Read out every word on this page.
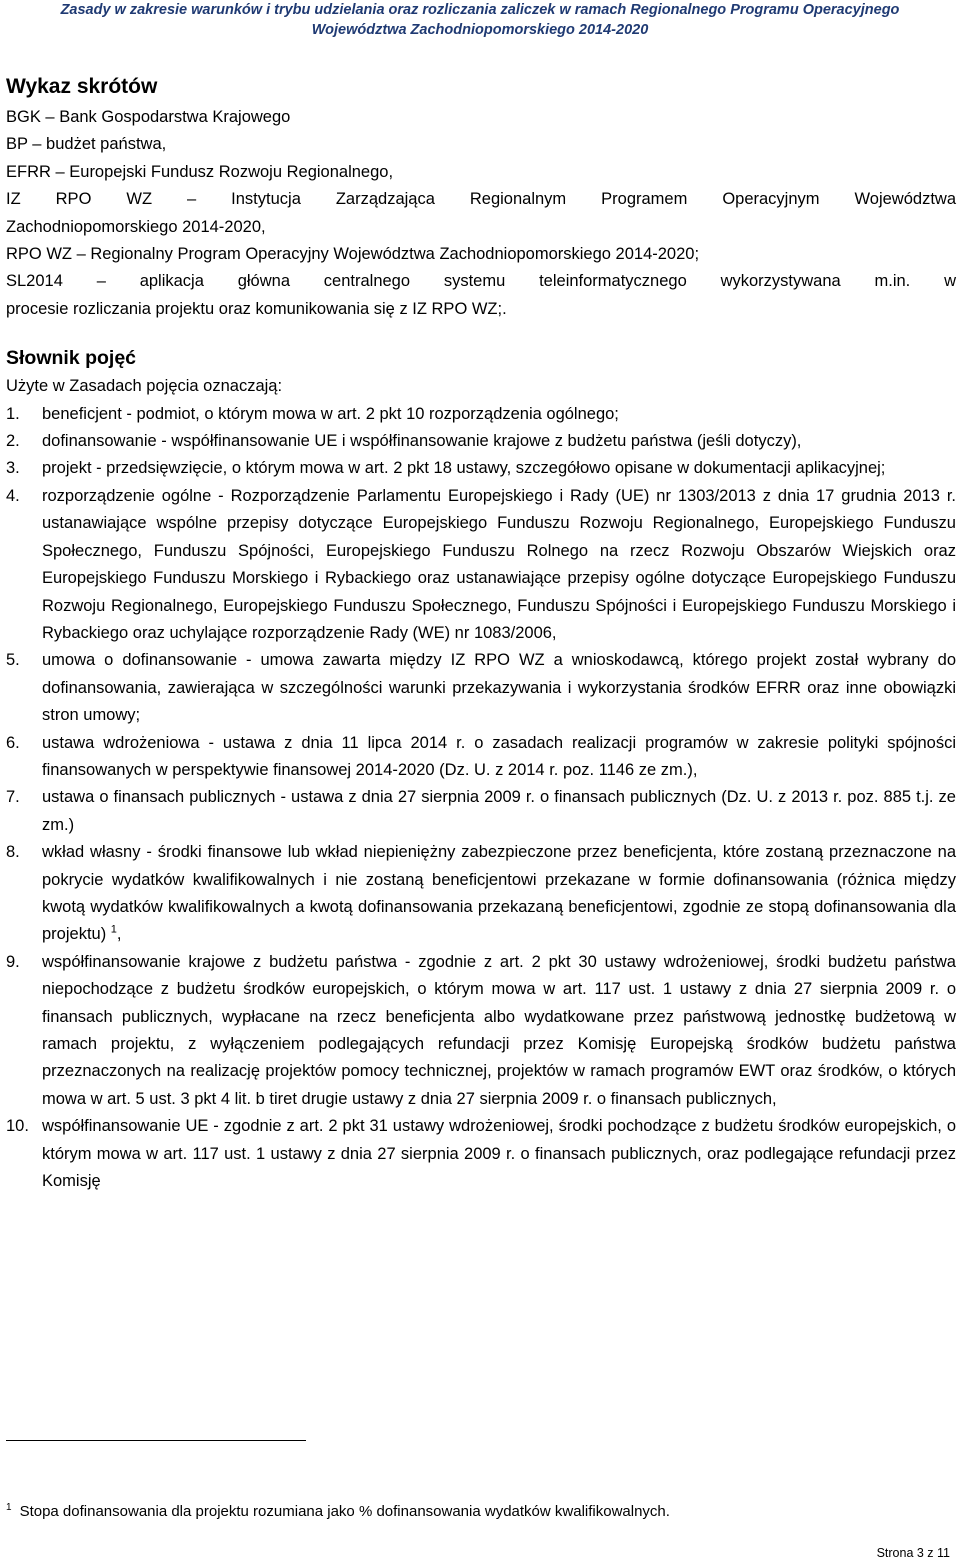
Zasady w zakresie warunków i trybu udzielania oraz rozliczania zaliczek w ramach Regionalnego Programu Operacyjnego
Województwa Zachodniopomorskiego 2014-2020
Wykaz skrótów

BGK – Bank Gospodarstwa Krajowego

BP – budżet państwa,

EFRR – Europejski Fundusz Rozwoju Regionalnego,

IZ RPO WZ – Instytucja Zarządzająca Regionalnym Programem Operacyjnym Województwa

Zachodniopomorskiego 2014-2020,

RPO WZ – Regionalny Program Operacyjny Województwa Zachodniopomorskiego 2014-2020;

SL2014 – aplikacja główna centralnego systemu teleinformatycznego wykorzystywana m.in. w

procesie rozliczania projektu oraz komunikowania się z IZ RPO WZ;.

Słownik pojęć

Użyte w Zasadach pojęcia oznaczają:

1.	beneficjent - podmiot, o którym mowa w art. 2 pkt 10 rozporządzenia ogólnego;
2.	dofinansowanie - współfinansowanie UE i współfinansowanie krajowe z budżetu państwa (jeśli dotyczy),
3.	projekt - przedsięwzięcie, o którym mowa w art. 2 pkt 18 ustawy, szczegółowo opisane w dokumentacji aplikacyjnej;
4.	rozporządzenie ogólne - Rozporządzenie Parlamentu Europejskiego i Rady (UE) nr 1303/2013 z dnia 17 grudnia 2013 r. ustanawiające wspólne przepisy dotyczące Europejskiego Funduszu Rozwoju Regionalnego, Europejskiego Funduszu Społecznego, Funduszu Spójności, Europejskiego Funduszu Rolnego na rzecz Rozwoju Obszarów Wiejskich oraz Europejskiego Funduszu Morskiego i Rybackiego oraz ustanawiające przepisy ogólne dotyczące Europejskiego Funduszu Rozwoju Regionalnego, Europejskiego Funduszu Społecznego, Funduszu Spójności i Europejskiego Funduszu Morskiego i Rybackiego oraz uchylające rozporządzenie Rady (WE) nr 1083/2006,
5.	umowa o dofinansowanie - umowa zawarta między IZ RPO WZ a wnioskodawcą, którego projekt został wybrany do dofinansowania, zawierająca w szczególności warunki przekazywania i wykorzystania środków EFRR oraz inne obowiązki stron umowy;
6.	ustawa wdrożeniowa - ustawa z dnia 11 lipca 2014 r. o zasadach realizacji programów w zakresie polityki spójności finansowanych w perspektywie finansowej 2014-2020 (Dz. U. z 2014 r. poz. 1146 ze zm.),
7.	ustawa o finansach publicznych - ustawa z dnia 27 sierpnia 2009 r. o finansach publicznych (Dz. U. z 2013 r. poz. 885 t.j. ze zm.)
8.	wkład własny - środki finansowe lub wkład niepieniężny zabezpieczone przez beneficjenta, które zostaną przeznaczone na pokrycie wydatków kwalifikowalnych i nie zostaną beneficjentowi przekazane w formie dofinansowania (różnica między kwotą wydatków kwalifikowalnych a kwotą dofinansowania przekazaną beneficjentowi, zgodnie ze stopą dofinansowania dla projektu) $^1$,
9.	współfinansowanie krajowe z budżetu państwa - zgodnie z art. 2 pkt 30 ustawy wdrożeniowej, środki budżetu państwa niepochodzące z budżetu środków europejskich, o którym mowa w art. 117 ust. 1 ustawy z dnia 27 sierpnia 2009 r. o finansach publicznych, wypłacane na rzecz beneficjenta albo wydatkowane przez państwową jednostkę budżetową w ramach projektu, z wyłączeniem podlegających refundacji przez Komisję Europejską środków budżetu państwa przeznaczonych na realizację projektów pomocy technicznej, projektów w ramach programów EWT oraz środków, o których mowa w art. 5 ust. 3 pkt 4 lit. b tiret drugie ustawy z dnia 27 sierpnia 2009 r. o finansach publicznych,
10. współfinansowanie UE - zgodnie z art. 2 pkt 31 ustawy wdrożeniowej, środki pochodzące z budżetu środków europejskich, o którym mowa w art. 117 ust. 1 ustawy z dnia 27 sierpnia 2009 r. o finansach publicznych, oraz podlegające refundacji przez Komisję
$^1$ Stopa dofinansowania dla projektu rozumiana jako % dofinansowania wydatków kwalifikowalnych.
Strona 3 z 11
